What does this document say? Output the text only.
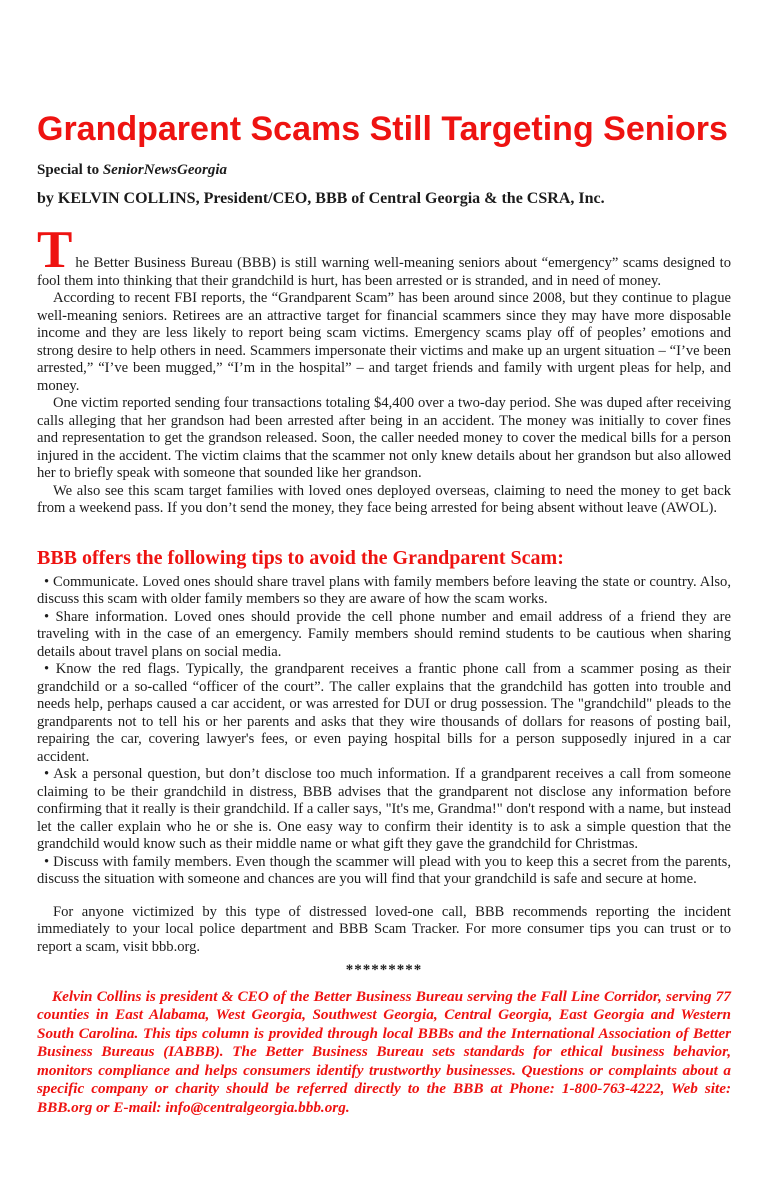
Grandparent Scams Still Targeting Seniors

Special to SeniorNewsGeorgia

by KELVIN COLLINS, President/CEO, BBB of Central Georgia & the CSRA, Inc.

The Better Business Bureau (BBB) is still warning well-meaning seniors about “emergency” scams designed to fool them into thinking that their grandchild is hurt, has been arrested or is stranded, and in need of money.

According to recent FBI reports, the “Grandparent Scam” has been around since 2008, but they continue to plague well-meaning seniors. Retirees are an attractive target for financial scammers since they may have more disposable income and they are less likely to report being scam victims. Emergency scams play off of peoples’ emotions and strong desire to help others in need. Scammers impersonate their victims and make up an urgent situation – “I’ve been arrested,” “I’ve been mugged,” “I’m in the hospital” – and target friends and family with urgent pleas for help, and money.

One victim reported sending four transactions totaling $4,400 over a two-day period. She was duped after receiving calls alleging that her grandson had been arrested after being in an accident. The money was initially to cover fines and representation to get the grandson released. Soon, the caller needed money to cover the medical bills for a person injured in the accident. The victim claims that the scammer not only knew details about her grandson but also allowed her to briefly speak with someone that sounded like her grandson.

We also see this scam target families with loved ones deployed overseas, claiming to need the money to get back from a weekend pass. If you don’t send the money, they face being arrested for being absent without leave (AWOL).

BBB offers the following tips to avoid the Grandparent Scam:
• Communicate. Loved ones should share travel plans with family members before leaving the state or country. Also, discuss this scam with older family members so they are aware of how the scam works.
• Share information. Loved ones should provide the cell phone number and email address of a friend they are traveling with in the case of an emergency. Family members should remind students to be cautious when sharing details about travel plans on social media.
• Know the red flags. Typically, the grandparent receives a frantic phone call from a scammer posing as their grandchild or a so-called “officer of the court”. The caller explains that the grandchild has gotten into trouble and needs help, perhaps caused a car accident, or was arrested for DUI or drug possession. The "grandchild" pleads to the grandparents not to tell his or her parents and asks that they wire thousands of dollars for reasons of posting bail, repairing the car, covering lawyer's fees, or even paying hospital bills for a person supposedly injured in a car accident.
• Ask a personal question, but don’t disclose too much information. If a grandparent receives a call from someone claiming to be their grandchild in distress, BBB advises that the grandparent not disclose any information before confirming that it really is their grandchild. If a caller says, "It's me, Grandma!" don't respond with a name, but instead let the caller explain who he or she is. One easy way to confirm their identity is to ask a simple question that the grandchild would know such as their middle name or what gift they gave the grandchild for Christmas.
• Discuss with family members. Even though the scammer will plead with you to keep this a secret from the parents, discuss the situation with someone and chances are you will find that your grandchild is safe and secure at home.

For anyone victimized by this type of distressed loved-one call, BBB recommends reporting the incident immediately to your local police department and BBB Scam Tracker. For more consumer tips you can trust or to report a scam, visit bbb.org.

*********

Kelvin Collins is president & CEO of the Better Business Bureau serving the Fall Line Corridor, serving 77 counties in East Alabama, West Georgia, Southwest Georgia, Central Georgia, East Georgia and Western South Carolina. This tips column is provided through local BBBs and the International Association of Better Business Bureaus (IABBB). The Better Business Bureau sets standards for ethical business behavior, monitors compliance and helps consumers identify trustworthy businesses. Questions or complaints about a specific company or charity should be referred directly to the BBB at Phone: 1-800-763-4222, Web site: BBB.org or E-mail: info@centralgeorgia.bbb.org.
